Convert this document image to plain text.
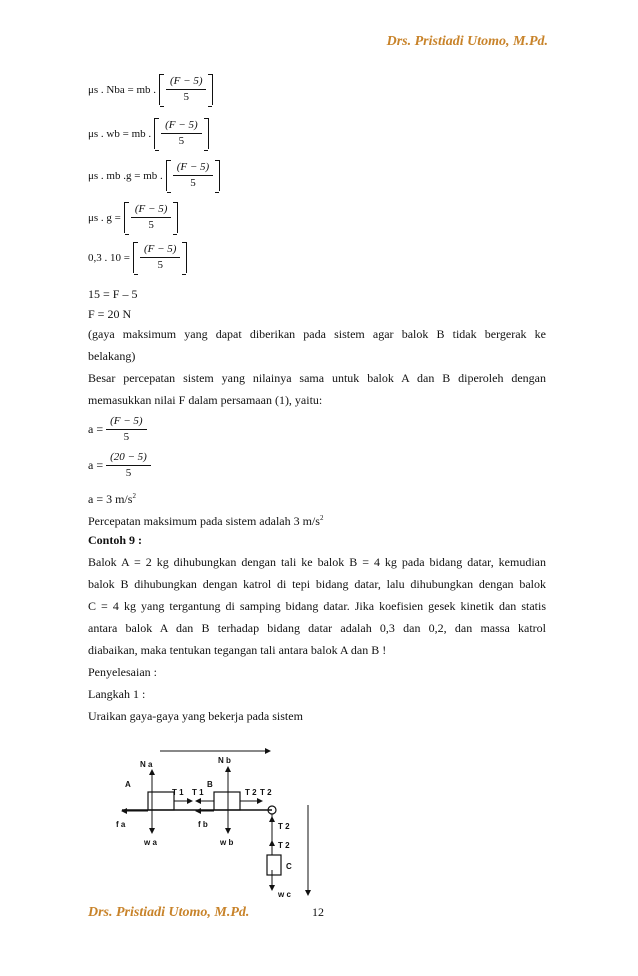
Drs. Pristiadi Utomo, M.Pd.
μs . Nba = mb . $\frac{(F - 5)}{5}$
μs . wb = mb . $\frac{(F - 5)}{5}$
μs . mb .g = mb . $\frac{(F - 5)}{5}$
μs . $g = \frac{(F - 5)}{5}$
0,3 . $10 = \frac{(F - 5)}{5}$
15 = F – 5
F = 20 N
(gaya maksimum yang dapat diberikan pada sistem agar balok B tidak bergerak ke
belakang)
Besar percepatan sistem yang nilainya sama untuk balok A dan B diperoleh dengan
memasukkan nilai F dalam persamaan (1), yaitu:
$a = \frac{(F - 5)}{5}$
$a = \frac{(20 - 5)}{5}$
a = 3 $m/s^2$
Percepatan maksimum pada sistem adalah 3 $m/s^2$
Contoh 9 :
Balok A = 2 kg dihubungkan dengan tali ke balok B = 4 kg pada bidang datar, kemudian
balok B dihubungkan dengan katrol di tepi bidang datar, lalu dihubungkan dengan balok
C = 4 kg yang tergantung di samping bidang datar. Jika koefisien gesek kinetik dan statis
antara balok A dan B terhadap bidang datar adalah 0,3 dan 0,2, dan massa katrol
diabaikan, maka tentukan tegangan tali antara balok A dan B !
Penyelesaian :
Langkah 1 :
Uraikan gaya-gaya yang bekerja pada sistem
A
N a
w a
f a
T 1 T 1
B
N b
w b
f b
T 2 T 2
T 2
T 2
C
w c
Drs. Pristiadi Utomo, M.Pd.	12
